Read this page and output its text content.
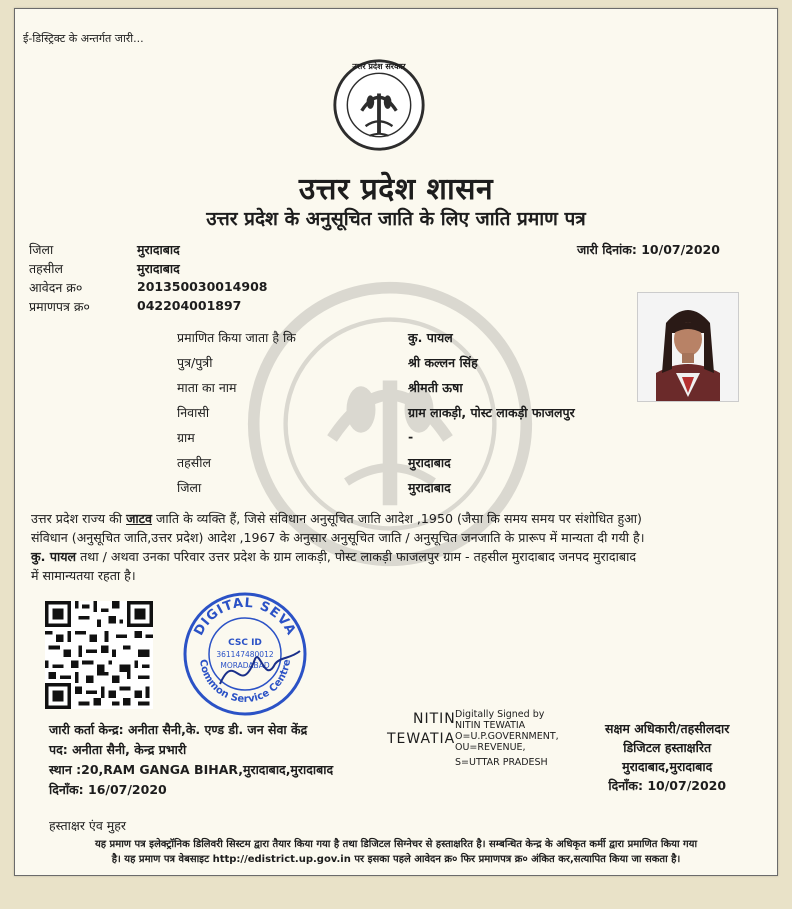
ई-डिस्ट्रिक्ट के अन्तर्गत जारी...
उत्तर प्रदेश सरकार
उत्तर प्रदेश शासन
उत्तर प्रदेश के अनुसूचित जाति के लिए जाति प्रमाण पत्र
जिला	मुरादाबाद
तहसील	मुरादाबाद
आवेदन क्र०	201350030014908
प्रमाणपत्र क्र०	042204001897
जारी दिनांक: 10/07/2020
प्रमाणित किया जाता है कि	कु. पायल
पुत्र/पुत्री	श्री कल्लन सिंह
माता का नाम	श्रीमती ऊषा
निवासी	ग्राम लाकड़ी, पोस्ट लाकड़ी फाजलपुर
ग्राम	-
तहसील	मुरादाबाद
जिला	मुरादाबाद

उत्तर प्रदेश राज्य की जाटव जाति के व्यक्ति हैं, जिसे संविधान अनुसूचित जाति आदेश ,1950 (जैसा कि समय समय पर संशोधित हुआ)

संविधान (अनुसूचित जाति,उत्तर प्रदेश) आदेश ,1967 के अनुसार अनुसूचित जाति / अनुसूचित जनजाति के प्रारूप में मान्यता दी गयी है।

कु. पायल तथा / अथवा उनका परिवार उत्तर प्रदेश के ग्राम लाकड़ी, पोस्ट लाकड़ी फाजलपुर ग्राम - तहसील मुरादाबाद जनपद मुरादाबाद

में सामान्यतया रहता है।

DIGITAL SEVA
Common Service Centre
CSC ID
361147480012
MORADABAD
जारी कर्ता केन्द्र: अनीता सैनी,के. एण्ड डी. जन सेवा केंद्र
पद: अनीता सैनी, केन्द्र प्रभारी
स्थान :20,RAM GANGA BIHAR,मुरादाबाद,मुरादाबाद
दिनाँक: 16/07/2020
NITIN
TEWATIA
Digitally Signed by
NITIN TEWATIA
O=U.P.GOVERNMENT,
OU=REVENUE,
S=UTTAR PRADESH
सक्षम अधिकारी/तहसीलदार
डिजिटल हस्ताक्षरित
मुरादाबाद,मुरादाबाद
दिनाँक: 10/07/2020
हस्ताक्षर एंव मुहर
यह प्रमाण पत्र इलेक्ट्रॉनिक डिलिवरी सिस्टम द्वारा तैयार किया गया है तथा डिजिटल सिग्नेचर से हस्ताक्षरित है। सम्बन्धित केन्द्र के अधिकृत कर्मी द्वारा प्रमाणित किया गया
है। यह प्रमाण पत्र वेबसाइट http://edistrict.up.gov.in पर इसका पहले आवेदन क्र० फिर प्रमाणपत्र क्र० अंकित कर,सत्यापित किया जा सकता है।
